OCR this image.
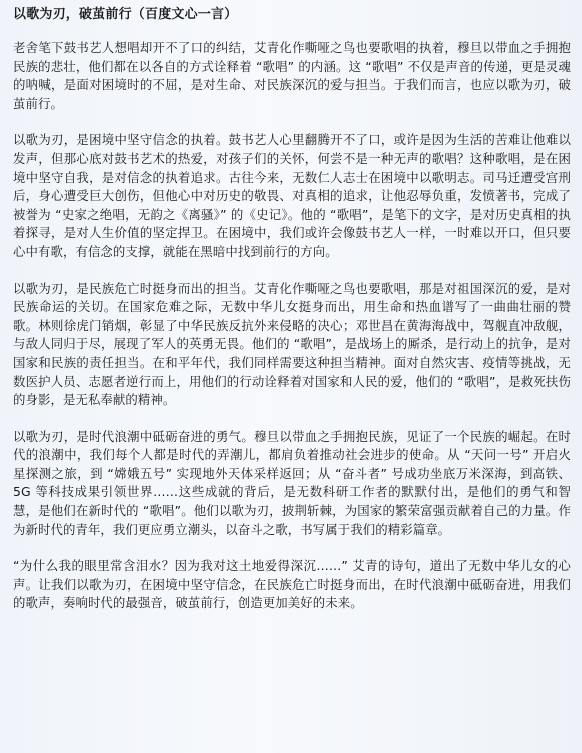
以歌为刃，破茧前行（百度文心一言）

老舍笔下鼓书艺人想唱却开不了口的纠结，艾青化作嘶哑之鸟也要歌唱的执着，穆旦以带血之手拥抱民族的悲壮，他们都在以各自的方式诠释着 “歌唱” 的内涵。这 “歌唱” 不仅是声音的传递，更是灵魂的呐喊，是面对困境时的不屈，是对生命、对民族深沉的爱与担当。于我们而言，也应以歌为刃，破茧前行。

以歌为刃，是困境中坚守信念的执着。鼓书艺人心里翻腾开不了口，或许是因为生活的苦难让他难以发声，但那心底对鼓书艺术的热爱，对孩子们的关怀，何尝不是一种无声的歌唱？这种歌唱，是在困境中坚守自我，是对信念的执着追求。古往今来，无数仁人志士在困境中以歌明志。司马迁遭受宫刑后，身心遭受巨大创伤，但他心中对历史的敬畏、对真相的追求，让他忍辱负重，发愤著书，完成了被誉为 “史家之绝唱，无韵之《离骚》” 的《史记》。他的 “歌唱”，是笔下的文字，是对历史真相的执着探寻，是对人生价值的坚定捍卫。在困境中，我们或许会像鼓书艺人一样，一时难以开口，但只要心中有歌，有信念的支撑，就能在黑暗中找到前行的方向。

以歌为刃，是民族危亡时挺身而出的担当。艾青化作嘶哑之鸟也要歌唱，那是对祖国深沉的爱，是对民族命运的关切。在国家危难之际，无数中华儿女挺身而出，用生命和热血谱写了一曲曲壮丽的赞歌。林则徐虎门销烟，彰显了中华民族反抗外来侵略的决心；邓世昌在黄海海战中，驾舰直冲敌舰，与敌人同归于尽，展现了军人的英勇无畏。他们的 “歌唱”，是战场上的厮杀，是行动上的抗争，是对国家和民族的责任担当。在和平年代，我们同样需要这种担当精神。面对自然灾害、疫情等挑战，无数医护人员、志愿者逆行而上，用他们的行动诠释着对国家和人民的爱，他们的 “歌唱”，是救死扶伤的身影，是无私奉献的精神。

以歌为刃，是时代浪潮中砥砺奋进的勇气。穆旦以带血之手拥抱民族，见证了一个民族的崛起。在时代的浪潮中，我们每个人都是时代的弄潮儿，都肩负着推动社会进步的使命。从 “天问一号” 开启火星探测之旅，到 “嫦娥五号” 实现地外天体采样返回；从 “奋斗者” 号成功坐底万米深海，到高铁、5G 等科技成果引领世界……这些成就的背后，是无数科研工作者的默默付出，是他们的勇气和智慧，是他们在新时代的 “歌唱”。他们以歌为刃，披荆斩棘，为国家的繁荣富强贡献着自己的力量。作为新时代的青年，我们更应勇立潮头，以奋斗之歌，书写属于我们的精彩篇章。

“为什么我的眼里常含泪水？因为我对这土地爱得深沉……” 艾青的诗句，道出了无数中华儿女的心声。让我们以歌为刃，在困境中坚守信念，在民族危亡时挺身而出，在时代浪潮中砥砺奋进，用我们的歌声，奏响时代的最强音，破茧前行，创造更加美好的未来。
